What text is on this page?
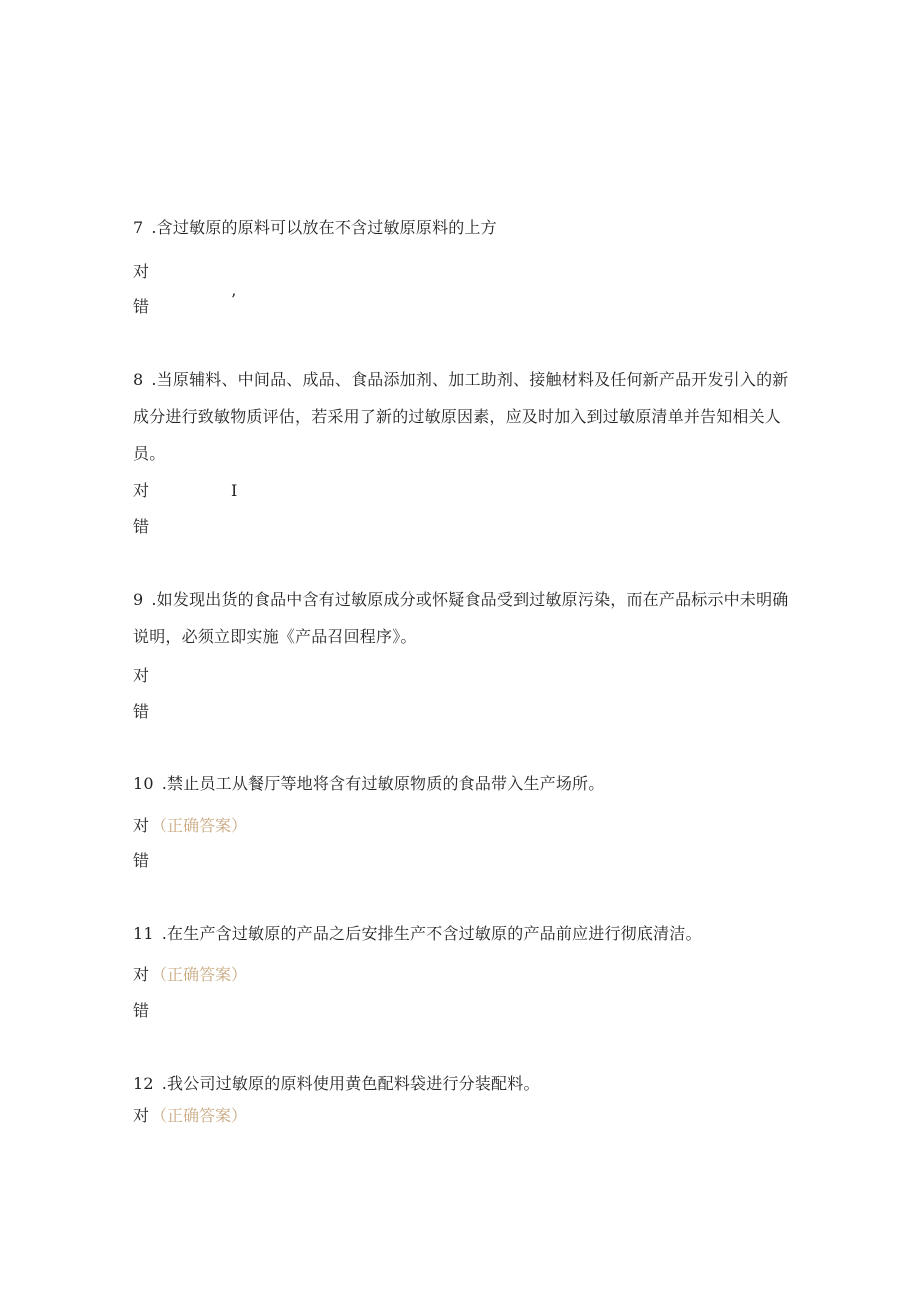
7 .含过敏原的原料可以放在不含过敏原原料的上方

对
错	’

8 .当原辅料、中间品、成品、食品添加剂、加工助剂、接触材料及任何新产品开发引入的新成分进行致敏物质评估，若采用了新的过敏原因素，应及时加入到过敏原清单并告知相关人员。

对
错
I

9 .如发现出货的食品中含有过敏原成分或怀疑食品受到过敏原污染，而在产品标示中未明确说明，必须立即实施《产品召回程序》。

对
错

10 .禁止员工从餐厅等地将含有过敏原物质的食品带入生产场所。

对 （正确答案）
错

11 .在生产含过敏原的产品之后安排生产不含过敏原的产品前应进行彻底清洁。

对 （正确答案）
错

12 .我公司过敏原的原料使用黄色配料袋进行分装配料。

对 （正确答案）
